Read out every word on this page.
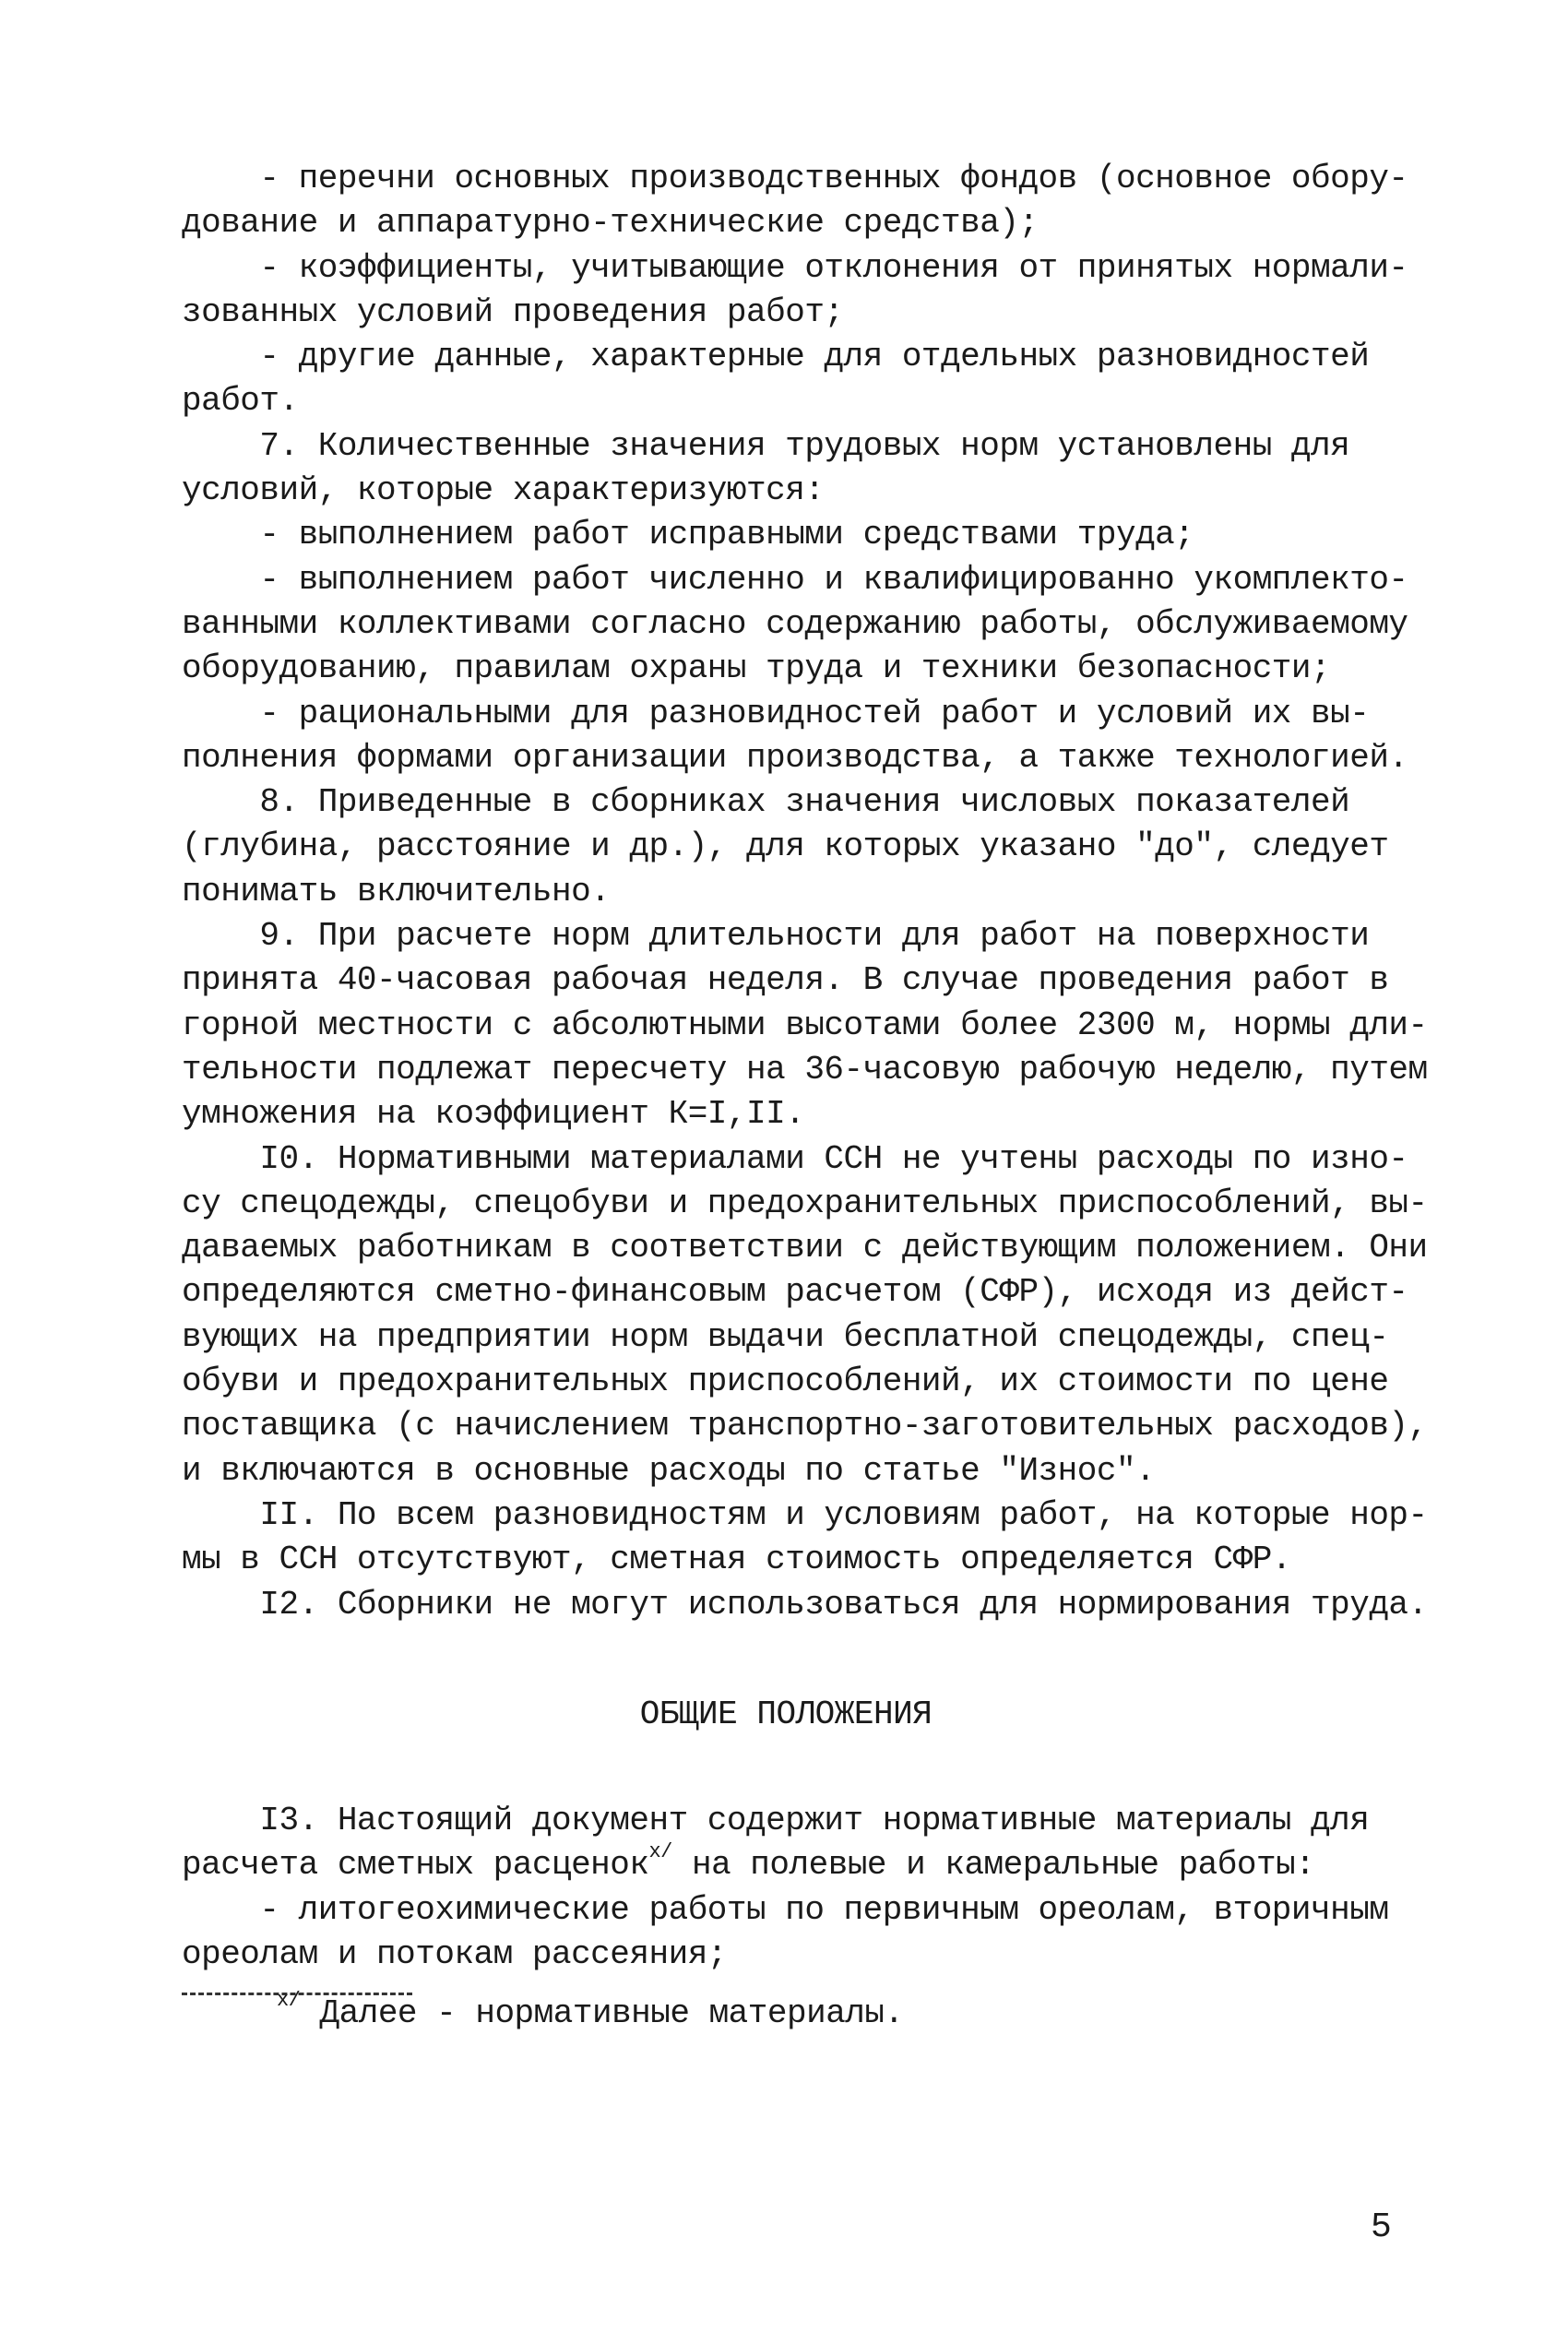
- перечни основных производственных фондов (основное обору-
дование и аппаратурно-технические средства);
- коэффициенты, учитывающие отклонения от принятых нормали-
зованных условий проведения работ;
- другие данные, характерные для отдельных разновидностей
работ.
7. Количественные значения трудовых норм установлены для
условий, которые характеризуются:
- выполнением работ исправными средствами труда;
- выполнением работ численно и квалифицированно укомплекто-
ванными коллективами согласно содержанию работы, обслуживаемому
оборудованию, правилам охраны труда и техники безопасности;
- рациональными для разновидностей работ и условий их вы-
полнения формами организации производства, а также технологией.
8. Приведенные в сборниках значения числовых показателей
(глубина, расстояние и др.), для которых указано "до", следует
понимать включительно.
9. При расчете норм длительности для работ на поверхности
принята 40-часовая рабочая неделя. В случае проведения работ в
горной местности с абсолютными высотами более 2300 м, нормы дли-
тельности подлежат пересчету на 36-часовую рабочую неделю, путем
умножения на коэффициент К=I,II.
I0. Нормативными материалами ССН не учтены расходы по изно-
су спецодежды, спецобуви и предохранительных приспособлений, вы-
даваемых работникам в соответствии с действующим положением. Они
определяются сметно-финансовым расчетом (СФР), исходя из дейст-
вующих на предприятии норм выдачи бесплатной спецодежды, спец-
обуви и предохранительных приспособлений, их стоимости по цене
поставщика (с начислением транспортно-заготовительных расходов),
и включаются в основные расходы по статье "Износ".
II. По всем разновидностям и условиям работ, на которые нор-
мы в ССН отсутствуют, сметная стоимость определяется СФР.
I2. Сборники не могут использоваться для нормирования труда.
ОБЩИЕ ПОЛОЖЕНИЯ
I3. Настоящий документ содержит нормативные материалы для
расчета сметных расценок$^{x/}$ на полевые и камеральные работы:
- литогеохимические работы по первичным ореолам, вторичным
ореолам и потокам рассеяния;
$^{x/}$ Далее - нормативные материалы.
5
